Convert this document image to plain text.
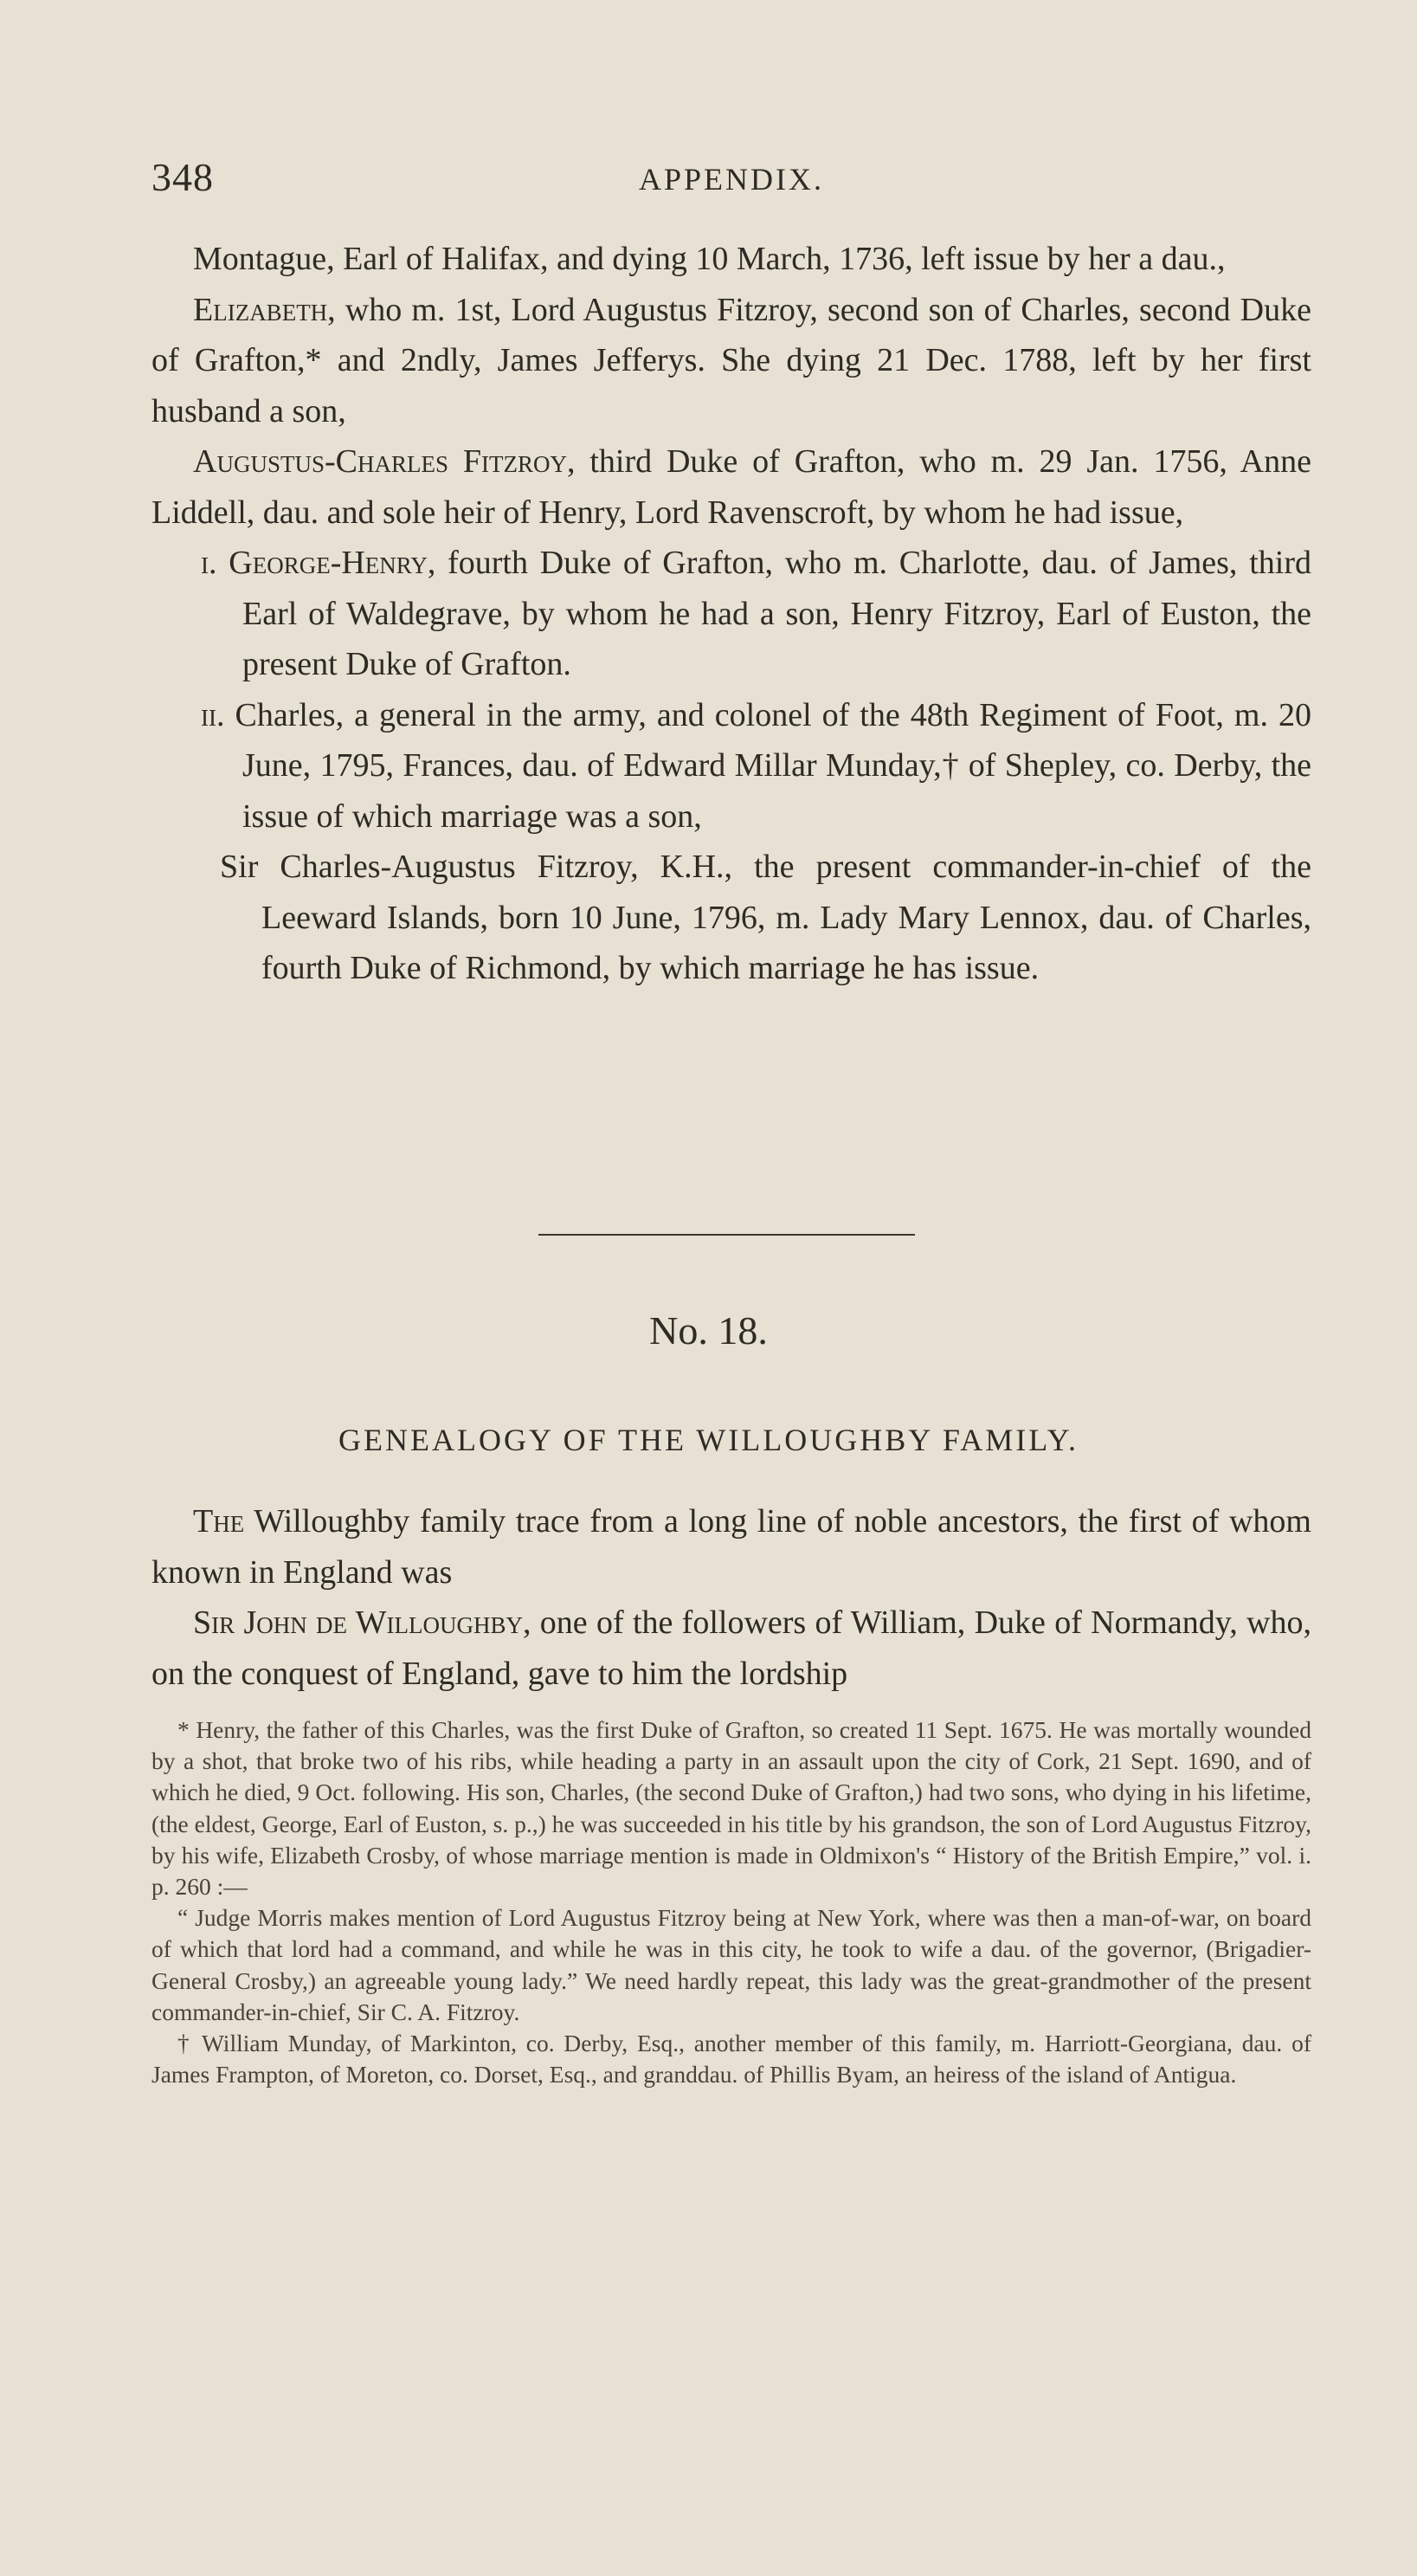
348	APPENDIX.

Montague, Earl of Halifax, and dying 10 March, 1736, left issue by her a dau.,

Elizabeth, who m. 1st, Lord Augustus Fitzroy, second son of Charles, second Duke of Grafton,* and 2ndly, James Jefferys. She dying 21 Dec. 1788, left by her first husband a son,

Augustus-Charles Fitzroy, third Duke of Grafton, who m. 29 Jan. 1756, Anne Liddell, dau. and sole heir of Henry, Lord Ravenscroft, by whom he had issue,

i. George-Henry, fourth Duke of Grafton, who m. Charlotte, dau. of James, third Earl of Waldegrave, by whom he had a son, Henry Fitzroy, Earl of Euston, the present Duke of Grafton.

ii. Charles, a general in the army, and colonel of the 48th Regiment of Foot, m. 20 June, 1795, Frances, dau. of Edward Millar Munday,† of Shepley, co. Derby, the issue of which marriage was a son,

Sir Charles-Augustus Fitzroy, K.H., the present commander-in-chief of the Leeward Islands, born 10 June, 1796, m. Lady Mary Lennox, dau. of Charles, fourth Duke of Richmond, by which marriage he has issue.

No. 18.
GENEALOGY OF THE WILLOUGHBY FAMILY.

The Willoughby family trace from a long line of noble ancestors, the first of whom known in England was

Sir John de Willoughby, one of the followers of William, Duke of Normandy, who, on the conquest of England, gave to him the lordship

* Henry, the father of this Charles, was the first Duke of Grafton, so created 11 Sept. 1675. He was mortally wounded by a shot, that broke two of his ribs, while heading a party in an assault upon the city of Cork, 21 Sept. 1690, and of which he died, 9 Oct. following. His son, Charles, (the second Duke of Grafton,) had two sons, who dying in his lifetime, (the eldest, George, Earl of Euston, s. p.,) he was succeeded in his title by his grandson, the son of Lord Augustus Fitzroy, by his wife, Elizabeth Crosby, of whose marriage mention is made in Oldmixon's “ History of the British Empire,” vol. i. p. 260 :—

“ Judge Morris makes mention of Lord Augustus Fitzroy being at New York, where was then a man-of-war, on board of which that lord had a command, and while he was in this city, he took to wife a dau. of the governor, (Brigadier-General Crosby,) an agreeable young lady.” We need hardly repeat, this lady was the great-grandmother of the present commander-in-chief, Sir C. A. Fitzroy.

† William Munday, of Markinton, co. Derby, Esq., another member of this family, m. Harriott-Georgiana, dau. of James Frampton, of Moreton, co. Dorset, Esq., and granddau. of Phillis Byam, an heiress of the island of Antigua.
